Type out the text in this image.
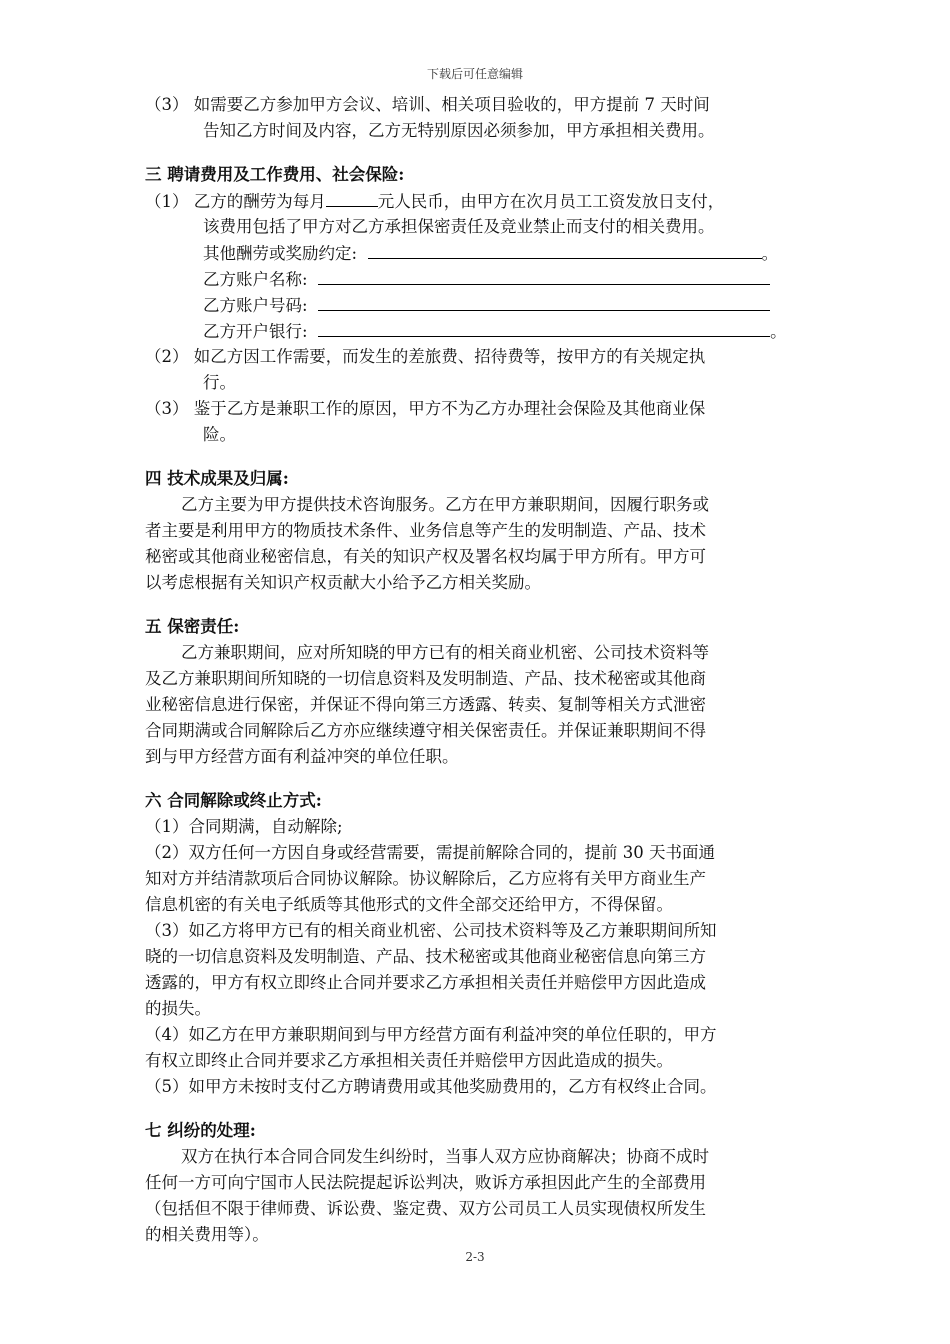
下载后可任意编辑
（3） 如需要乙方参加甲方会议、培训、相关项目验收的，甲方提前 7 天时间
告知乙方时间及内容，乙方无特别原因必须参加，甲方承担相关费用。
三 聘请费用及工作费用、社会保险:
（1） 乙方的酬劳为每月	元人民币，由甲方在次月员工工资发放日支付，
该费用包括了甲方对乙方承担保密责任及竞业禁止而支付的相关费用。
其他酬劳或奖励约定:	。
乙方账户名称:
乙方账户号码:
乙方开户银行:	。
（2） 如乙方因工作需要，而发生的差旅费、招待费等，按甲方的有关规定执
行。
（3） 鉴于乙方是兼职工作的原因，甲方不为乙方办理社会保险及其他商业保
险。
四 技术成果及归属:
乙方主要为甲方提供技术咨询服务。乙方在甲方兼职期间，因履行职务或
者主要是利用甲方的物质技术条件、业务信息等产生的发明制造、产品、技术
秘密或其他商业秘密信息，有关的知识产权及署名权均属于甲方所有。甲方可
以考虑根据有关知识产权贡献大小给予乙方相关奖励。
五 保密责任:
乙方兼职期间，应对所知晓的甲方已有的相关商业机密、公司技术资料等
及乙方兼职期间所知晓的一切信息资料及发明制造、产品、技术秘密或其他商
业秘密信息进行保密，并保证不得向第三方透露、转卖、复制等相关方式泄密
合同期满或合同解除后乙方亦应继续遵守相关保密责任。并保证兼职期间不得
到与甲方经营方面有利益冲突的单位任职。
六 合同解除或终止方式:
（1）合同期满，自动解除;
（2）双方任何一方因自身或经营需要，需提前解除合同的，提前 30 天书面通
知对方并结清款项后合同协议解除。协议解除后，乙方应将有关甲方商业生产
信息机密的有关电子纸质等其他形式的文件全部交还给甲方，不得保留。
（3）如乙方将甲方已有的相关商业机密、公司技术资料等及乙方兼职期间所知
晓的一切信息资料及发明制造、产品、技术秘密或其他商业秘密信息向第三方
透露的，甲方有权立即终止合同并要求乙方承担相关责任并赔偿甲方因此造成
的损失。
（4）如乙方在甲方兼职期间到与甲方经营方面有利益冲突的单位任职的，甲方
有权立即终止合同并要求乙方承担相关责任并赔偿甲方因此造成的损失。
（5）如甲方未按时支付乙方聘请费用或其他奖励费用的，乙方有权终止合同。
七 纠纷的处理:
双方在执行本合同合同发生纠纷时，当事人双方应协商解决；协商不成时
任何一方可向宁国市人民法院提起诉讼判决，败诉方承担因此产生的全部费用
（包括但不限于律师费、诉讼费、鉴定费、双方公司员工人员实现债权所发生
的相关费用等）。
2-3
